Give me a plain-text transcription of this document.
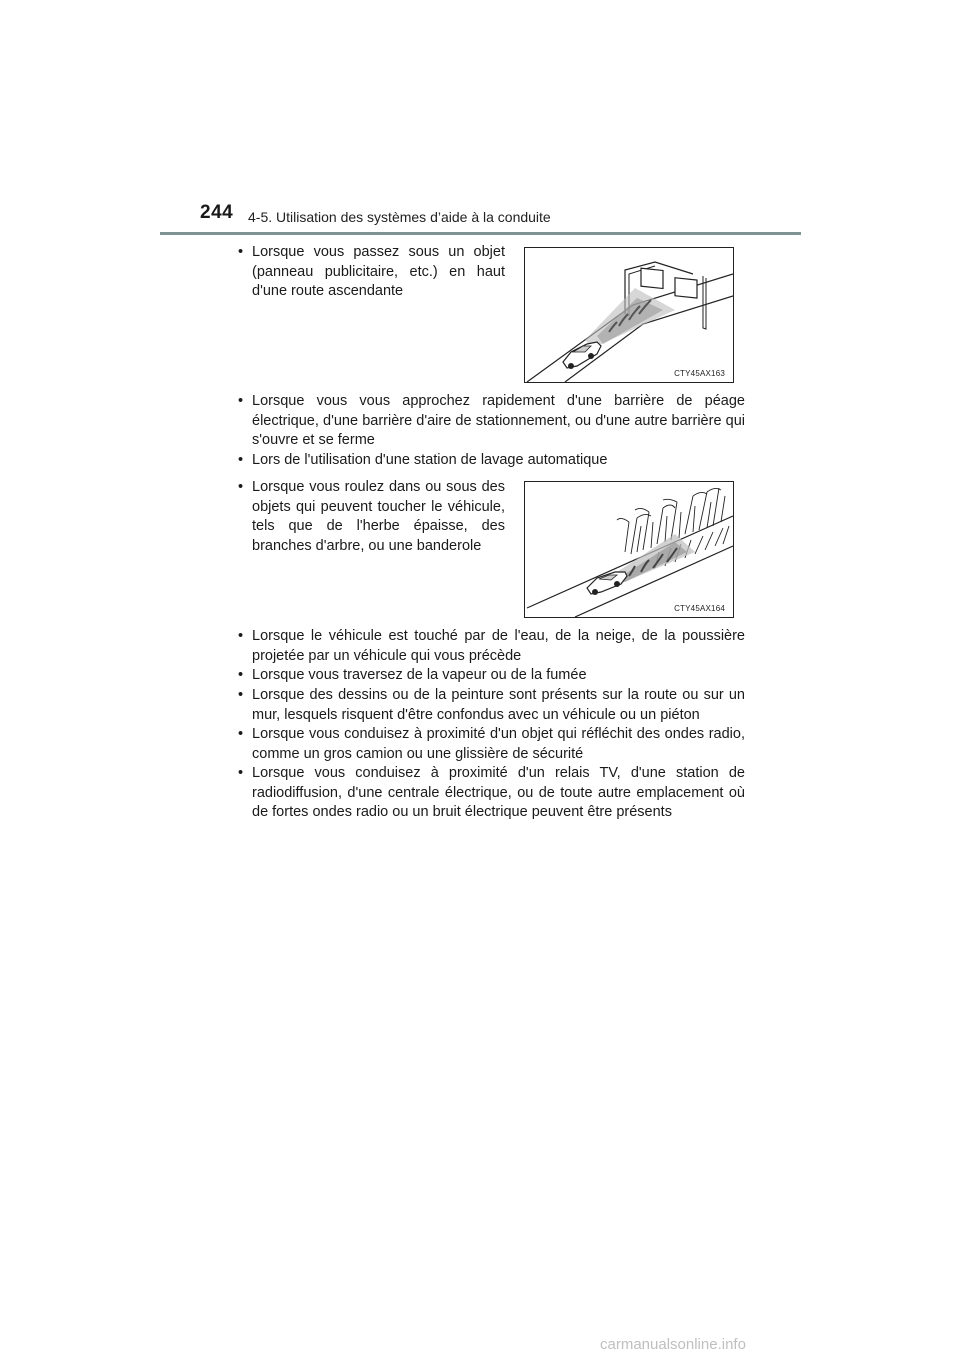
244 4-5. Utilisation des systèmes d’aide à la conduite
• Lorsque vous passez sous un objet (panneau publicitaire, etc.) en haut d'une route ascendante
CTY45AX163
• Lorsque vous vous approchez rapidement d'une barrière de péage électrique, d'une barrière d'aire de stationnement, ou d'une autre barrière qui s'ouvre et se ferme
• Lors de l'utilisation d'une station de lavage automatique
• Lorsque vous roulez dans ou sous des objets qui peuvent toucher le véhicule, tels que de l'herbe épaisse, des branches d'arbre, ou une banderole
CTY45AX164
• Lorsque le véhicule est touché par de l'eau, de la neige, de la poussière projetée par un véhicule qui vous précède
• Lorsque vous traversez de la vapeur ou de la fumée
• Lorsque des dessins ou de la peinture sont présents sur la route ou sur un mur, lesquels risquent d'être confondus avec un véhicule ou un piéton
• Lorsque vous conduisez à proximité d'un objet qui réfléchit des ondes radio, comme un gros camion ou une glissière de sécurité
• Lorsque vous conduisez à proximité d'un relais TV, d'une station de radiodiffusion, d'une centrale électrique, ou de toute autre emplacement où de fortes ondes radio ou un bruit électrique peuvent être présents
carmanualsonline.info
